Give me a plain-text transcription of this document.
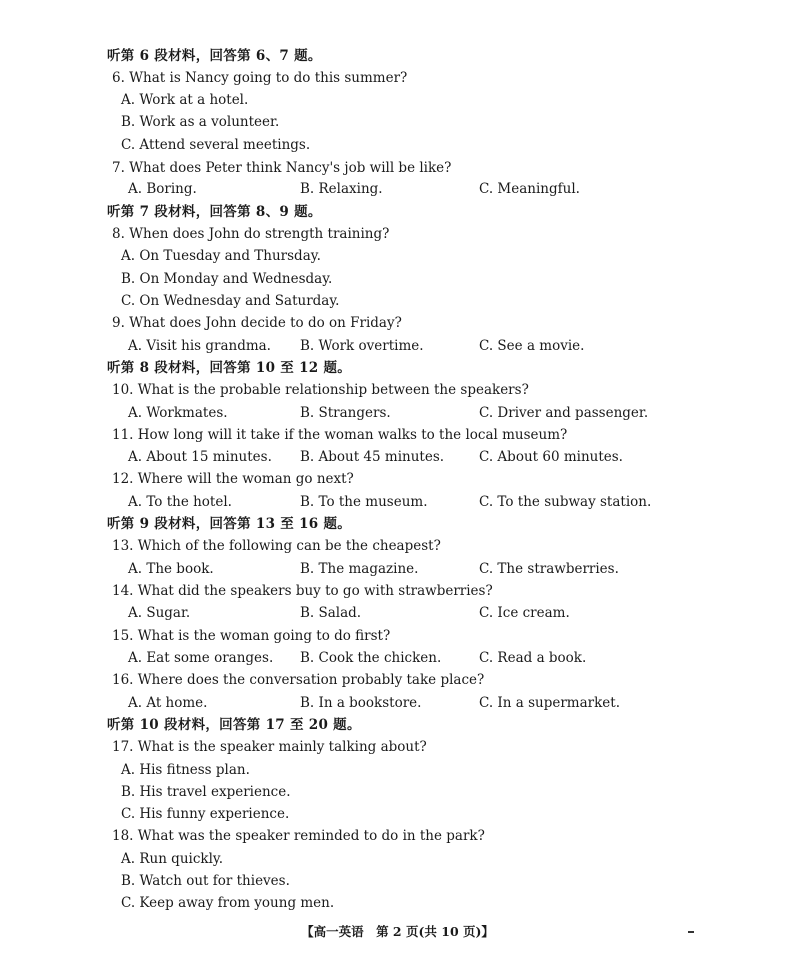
听第 6 段材料，回答第 6、7 题。
6. What is Nancy going to do this summer?
A. Work at a hotel.
B. Work as a volunteer.
C. Attend several meetings.
7. What does Peter think Nancy's job will be like?
A. Boring.	B. Relaxing.	C. Meaningful.
听第 7 段材料，回答第 8、9 题。
8. When does John do strength training?
A. On Tuesday and Thursday.
B. On Monday and Wednesday.
C. On Wednesday and Saturday.
9. What does John decide to do on Friday?
A. Visit his grandma. B. Work overtime.	C. See a movie.
听第 8 段材料，回答第 10 至 12 题。
10. What is the probable relationship between the speakers?
A. Workmates.	B. Strangers.	C. Driver and passenger.
11. How long will it take if the woman walks to the local museum?
A. About 15 minutes. B. About 45 minutes.	C. About 60 minutes.
12. Where will the woman go next?
A. To the hotel.	B. To the museum.	C. To the subway station.
听第 9 段材料，回答第 13 至 16 题。
13. Which of the following can be the cheapest?
A. The book.	B. The magazine.	C. The strawberries.
14. What did the speakers buy to go with strawberries?
A. Sugar.	B. Salad.	C. Ice cream.
15. What is the woman going to do first?
A. Eat some oranges. B. Cook the chicken.	C. Read a book.
16. Where does the conversation probably take place?
A. At home.	B. In a bookstore.	C. In a supermarket.
听第 10 段材料，回答第 17 至 20 题。
17. What is the speaker mainly talking about?
A. His fitness plan.
B. His travel experience.
C. His funny experience.
18. What was the speaker reminded to do in the park?
A. Run quickly.
B. Watch out for thieves.
C. Keep away from young men.
【高一英语　第 2 页(共 10 页)】
